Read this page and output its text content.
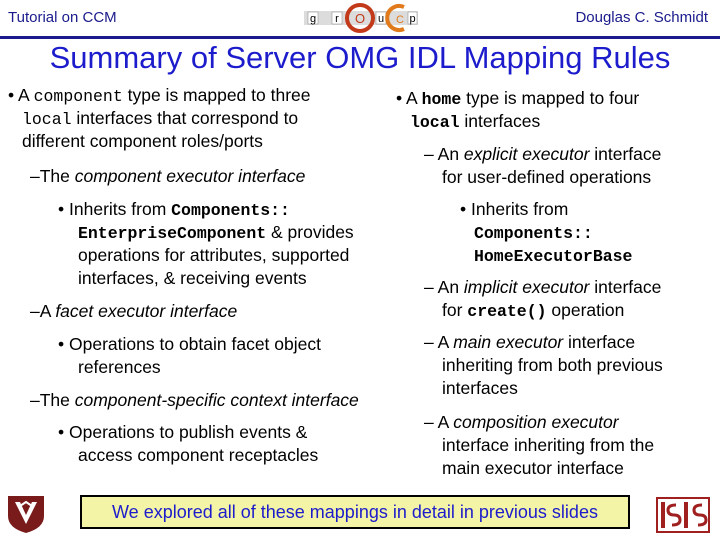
Tutorial on CCM	g r O u C p	Douglas C. Schmidt
Summary of Server OMG IDL Mapping Rules
• A component type is mapped to three
local interfaces that correspond to
different component roles/ports
–The component executor interface
• Inherits from Components::
EnterpriseComponent & provides
operations for attributes, supported
interfaces, & receiving events
–A facet executor interface
• Operations to obtain facet object
references
–The component-specific context interface
• Operations to publish events &
access component receptacles
• A home type is mapped to four
local interfaces
– An explicit executor interface
for user-defined operations
• Inherits from
Components::
HomeExecutorBase
– An implicit executor interface
for create() operation
– A main executor interface
inheriting from both previous
interfaces
– A composition executor
interface inheriting from the
main executor interface
We explored all of these mappings in detail in previous slides
